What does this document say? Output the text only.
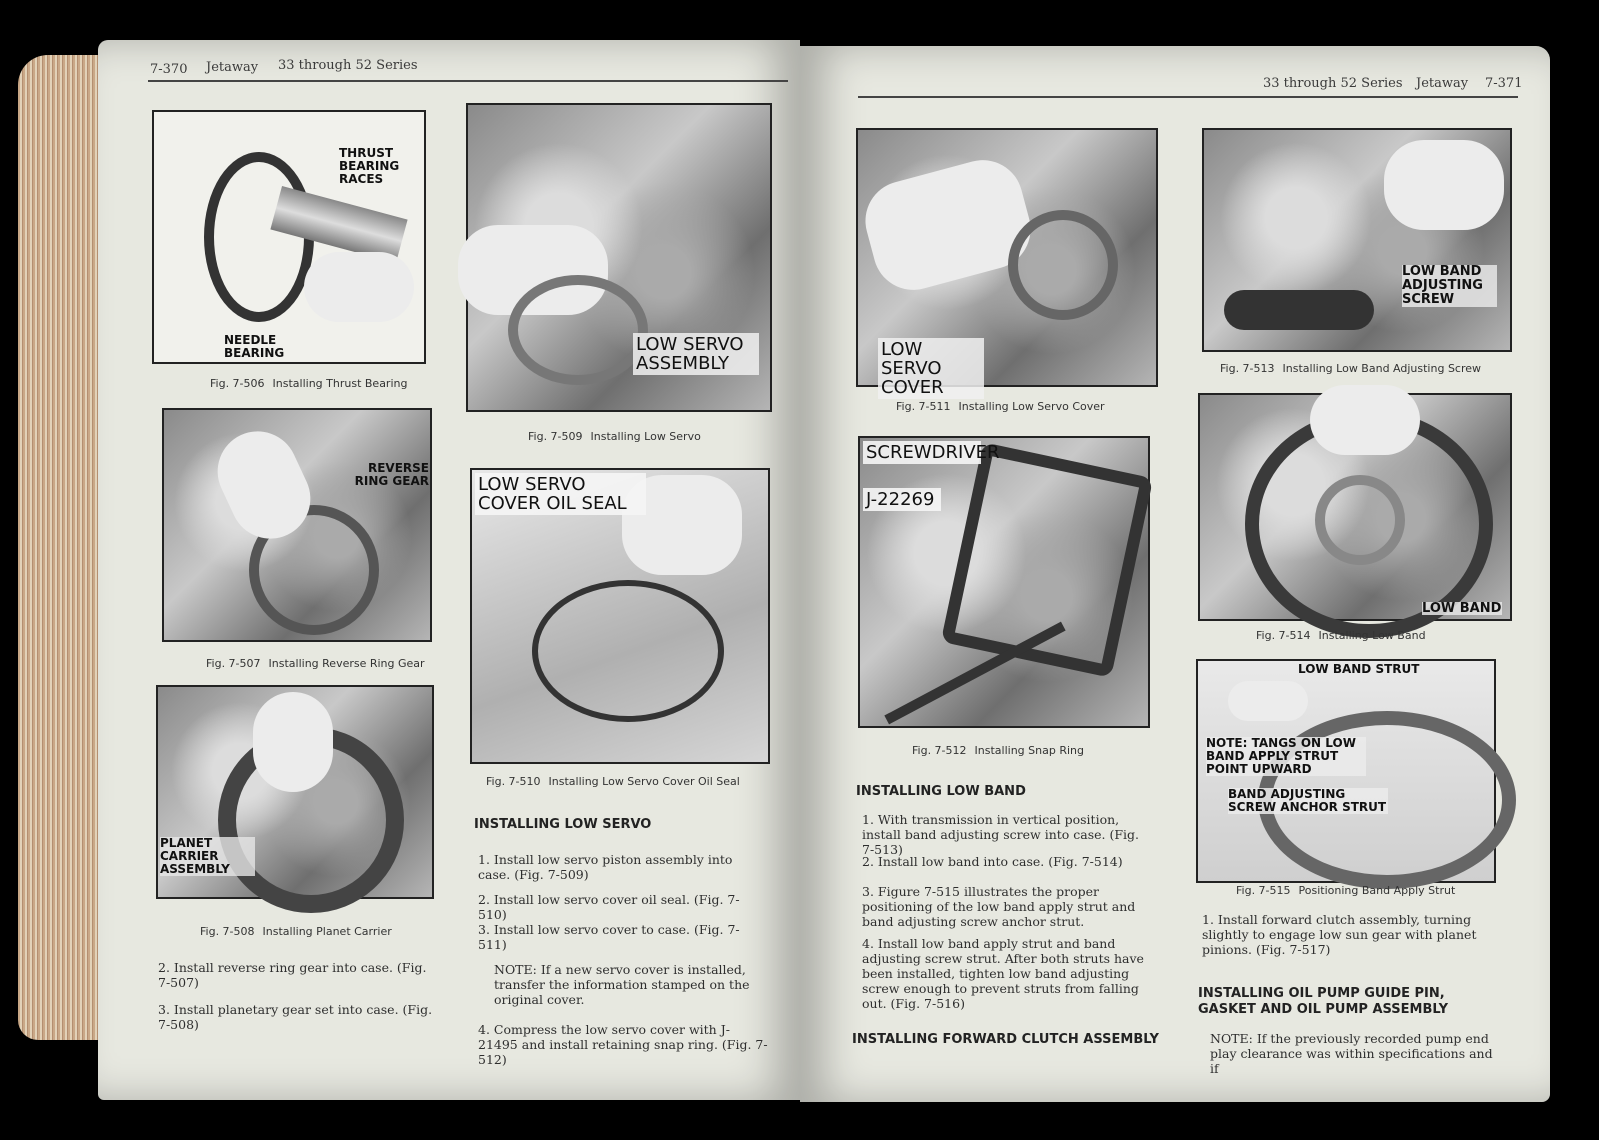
7-370 Jetaway 33 through 52 Series
THRUST BEARING RACES
NEEDLE BEARING
Fig. 7-506 Installing Thrust Bearing
REVERSE RING GEAR
Fig. 7-507 Installing Reverse Ring Gear
PLANET CARRIER ASSEMBLY
Fig. 7-508 Installing Planet Carrier
2. Install reverse ring gear into case. (Fig. 7-507)
3. Install planetary gear set into case. (Fig. 7-508)
LOW SERVO ASSEMBLY
Fig. 7-509 Installing Low Servo
LOW SERVO COVER OIL SEAL
Fig. 7-510 Installing Low Servo Cover Oil Seal
INSTALLING LOW SERVO
1. Install low servo piston assembly into case. (Fig. 7-509)
2. Install low servo cover oil seal. (Fig. 7-510)
3. Install low servo cover to case. (Fig. 7-511)
NOTE: If a new servo cover is installed, transfer the information stamped on the original cover.
4. Compress the low servo cover with J-21495 and install retaining snap ring. (Fig. 7-512)
33 through 52 Series Jetaway 7-371
LOW SERVO COVER
Fig. 7-511 Installing Low Servo Cover
SCREWDRIVER
J-22269
Fig. 7-512 Installing Snap Ring
INSTALLING LOW BAND
1. With transmission in vertical position, install band adjusting screw into case. (Fig. 7-513)
2. Install low band into case. (Fig. 7-514)
3. Figure 7-515 illustrates the proper positioning of the low band apply strut and band adjusting screw anchor strut.
4. Install low band apply strut and band adjusting screw strut. After both struts have been installed, tighten low band adjusting screw enough to prevent struts from falling out. (Fig. 7-516)
INSTALLING FORWARD CLUTCH ASSEMBLY
LOW BAND ADJUSTING SCREW
Fig. 7-513 Installing Low Band Adjusting Screw
LOW BAND
Fig. 7-514 Installing Low Band
LOW BAND STRUT
NOTE: TANGS ON LOW BAND APPLY STRUT POINT UPWARD
BAND ADJUSTING SCREW ANCHOR STRUT
Fig. 7-515 Positioning Band Apply Strut
1. Install forward clutch assembly, turning slightly to engage low sun gear with planet pinions. (Fig. 7-517)
INSTALLING OIL PUMP GUIDE PIN, GASKET AND OIL PUMP ASSEMBLY
NOTE: If the previously recorded pump end play clearance was within specifications and if
